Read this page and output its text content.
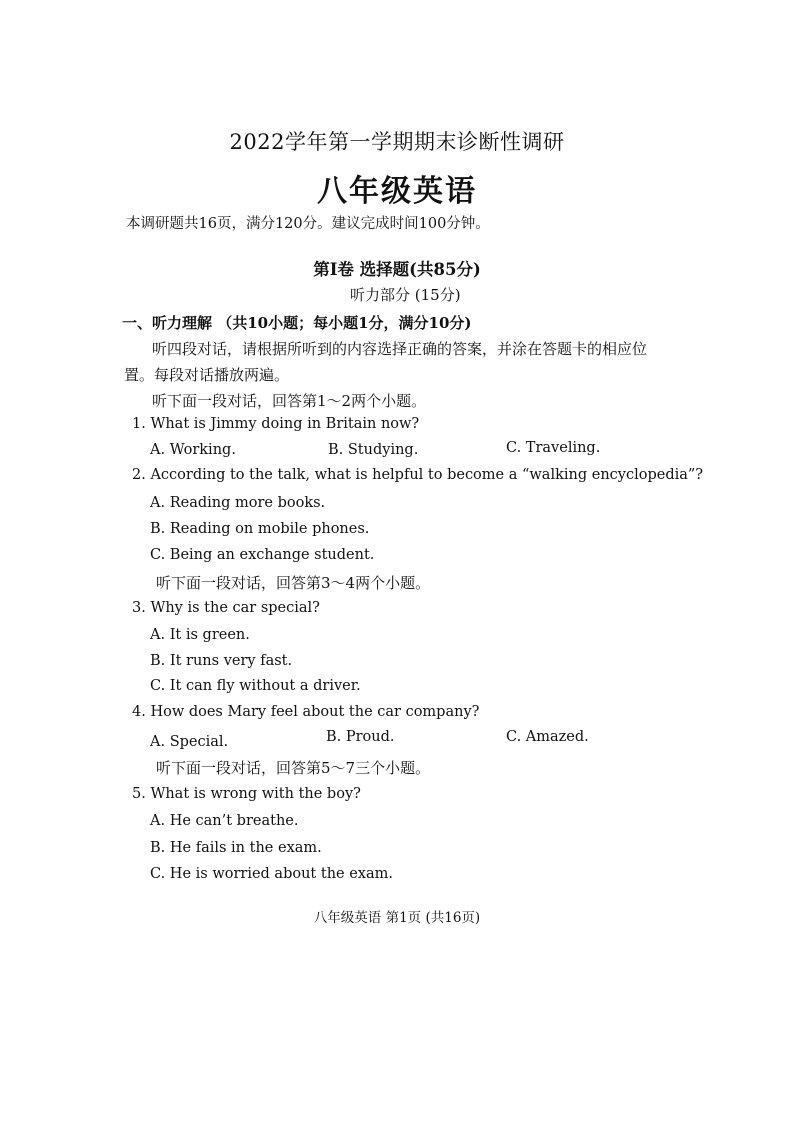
2022学年第一学期期末诊断性调研
八年级英语
本调研题共16页，满分120分。建议完成时间100分钟。
第Ⅰ卷 选择题(共85分)
听力部分 (15分)
一、听力理解 （共10小题；每小题1分，满分10分)
听四段对话，请根据所听到的内容选择正确的答案，并涂在答题卡的相应位
置。每段对话播放两遍。
听下面一段对话，回答第1～2两个小题。
1. What is Jimmy doing in Britain now?
A. Working.	B. Studying.	C. Traveling.
2. According to the talk, what is helpful to become a “walking encyclopedia”?
A. Reading more books.
B. Reading on mobile phones.
C. Being an exchange student.
听下面一段对话，回答第3～4两个小题。
3. Why is the car special?
A. It is green.
B. It runs very fast.
C. It can fly without a driver.
4. How does Mary feel about the car company?
A. Special.	B. Proud.	C. Amazed.
听下面一段对话，回答第5～7三个小题。
5. What is wrong with the boy?
A. He can’t breathe.
B. He fails in the exam.
C. He is worried about the exam.
八年级英语 第1页 (共16页)
